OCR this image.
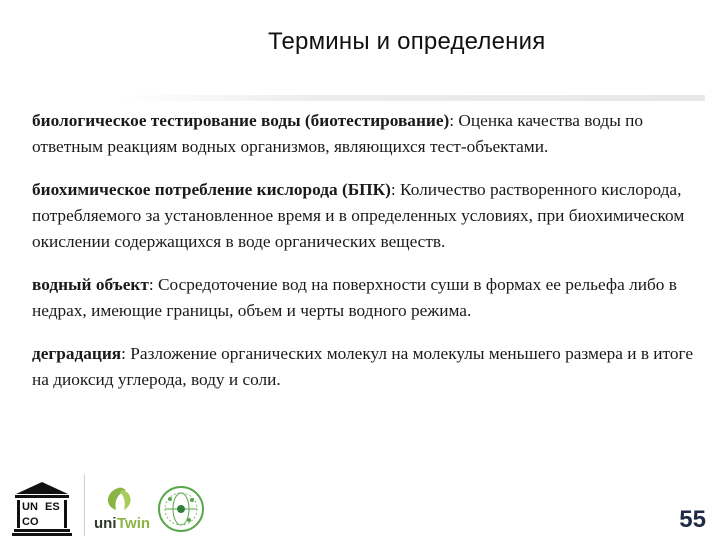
Термины и определения

биологическое тестирование воды (биотестирование): Оценка качества воды по ответным реакциям водных организмов, являющихся тест-объектами.

биохимическое потребление кислорода (БПК): Количество растворенного кислорода, потребляемого за установленное время и в определенных условиях, при биохимическом окислении содержащихся в воде органических веществ.

водный объект: Сосредоточение вод на поверхности суши в формах ее рельефа либо в недрах, имеющие границы, объем и черты водного режима.

деградация: Разложение органических молекул на молекулы меньшего размера и в итоге на диоксид углерода, воду и соли.

UN ES
CO	uni Twin	55
